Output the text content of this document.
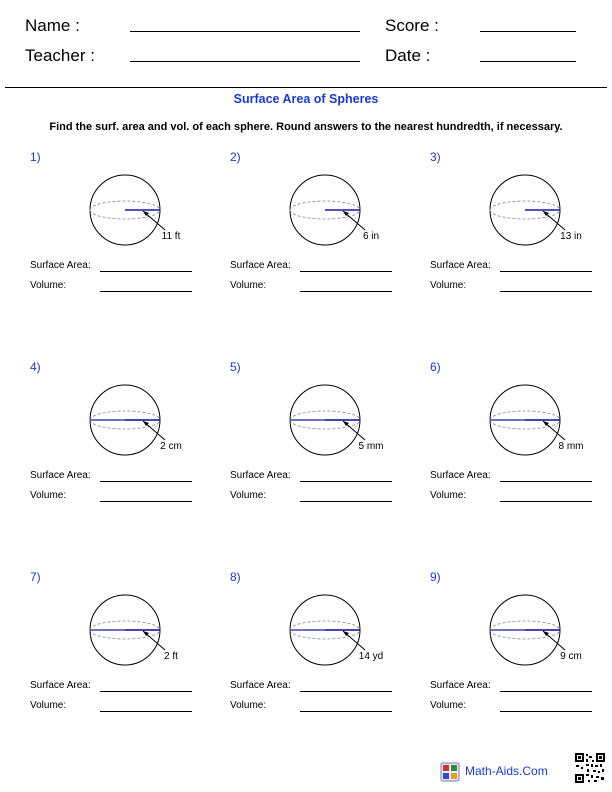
Name :	Score :
Teacher :	Date :
Surface Area of Spheres
Find the surf. area and vol. of each sphere. Round answers to the nearest hundredth, if necessary.
1)
11 ft
Surface Area:
Volume:
2)
6 in
Surface Area:
Volume:
3)
13 in
Surface Area:
Volume:
4)
2 cm
Surface Area:
Volume:
5)
5 mm
Surface Area:
Volume:
6)
8 mm
Surface Area:
Volume:
7)
2 ft
Surface Area:
Volume:
8)
14 yd
Surface Area:
Volume:
9)
9 cm
Surface Area:
Volume:
Math-Aids.Com
